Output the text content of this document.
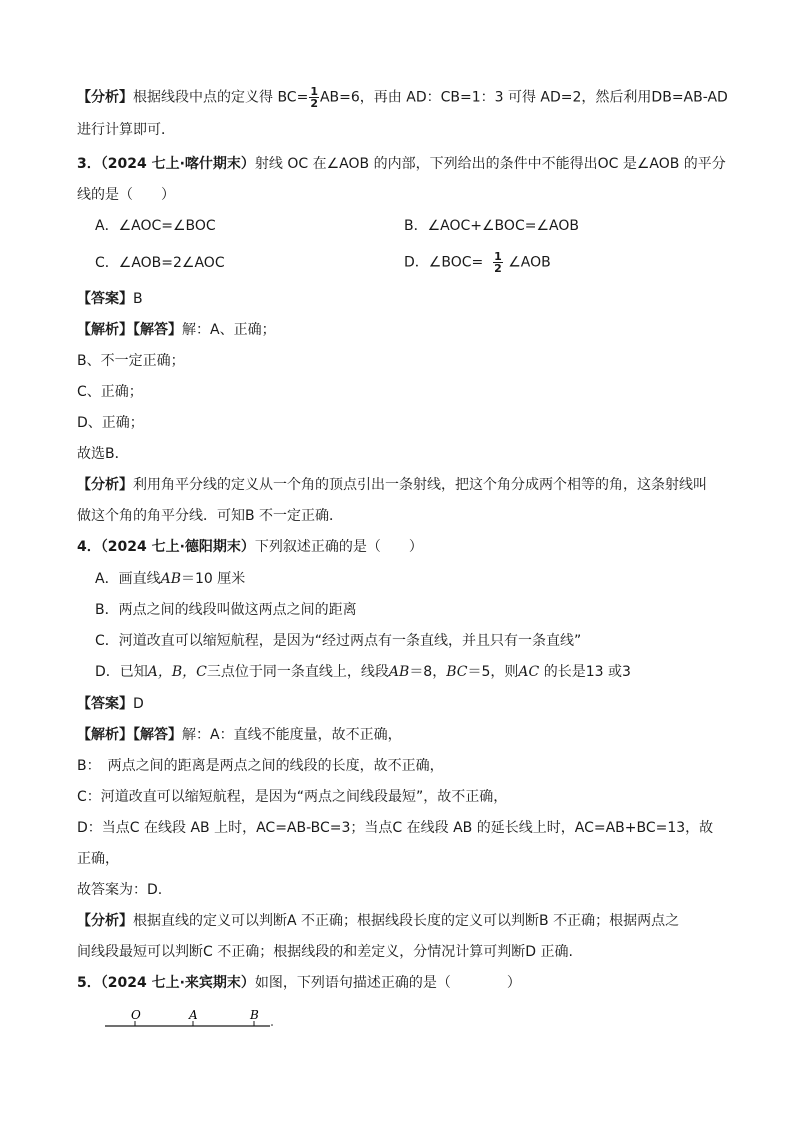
【分析】根据线段中点的定义得 $BC= \frac{1}{2} AB=6$，再由 AD：CB=1：3 可得 AD=2，然后利用DB=AB-AD
进行计算即可．
3．（2024 七上·喀什期末）射线 OC 在∠AOB 的内部，下列给出的条件中不能得出OC 是∠AOB 的平分
线的是（　　）
A．∠AOC=∠BOC	B．∠AOC+∠BOC=∠AOB
C．∠AOB=2∠AOC	D．∠BOC= $\frac{1}{2}$ ∠AOB
【答案】B
【解析】【解答】解：A、正确；
B、不一定正确；
C、正确；
D、正确；
故选B．
【分析】利用角平分线的定义从一个角的顶点引出一条射线，把这个角分成两个相等的角，这条射线叫
做这个角的角平分线．可知B 不一定正确．
4．（2024 七上·德阳期末）下列叙述正确的是（　　）
A．画直线AB＝10 厘米
B．两点之间的线段叫做这两点之间的距离
C．河道改直可以缩短航程，是因为“经过两点有一条直线，并且只有一条直线”
D．已知A，B，C三点位于同一条直线上，线段AB＝8，BC＝5，则AC 的长是13 或3
【答案】D
【解析】【解答】解：A：直线不能度量，故不正确，
B：　两点之间的距离是两点之间的线段的长度，故不正确，
C：河道改直可以缩短航程，是因为“两点之间线段最短”，故不正确，
D：当点C 在线段 AB 上时，AC=AB-BC=3；当点C 在线段 AB 的延长线上时，AC=AB+BC=13，故
正确，
故答案为：D.
【分析】根据直线的定义可以判断A 不正确；根据线段长度的定义可以判断B 不正确；根据两点之
间线段最短可以判断C 不正确；根据线段的和差定义，分情况计算可判断D 正确.
5．（2024 七上·来宾期末）如图，下列语句描述正确的是（　　　　）
O	A	B
